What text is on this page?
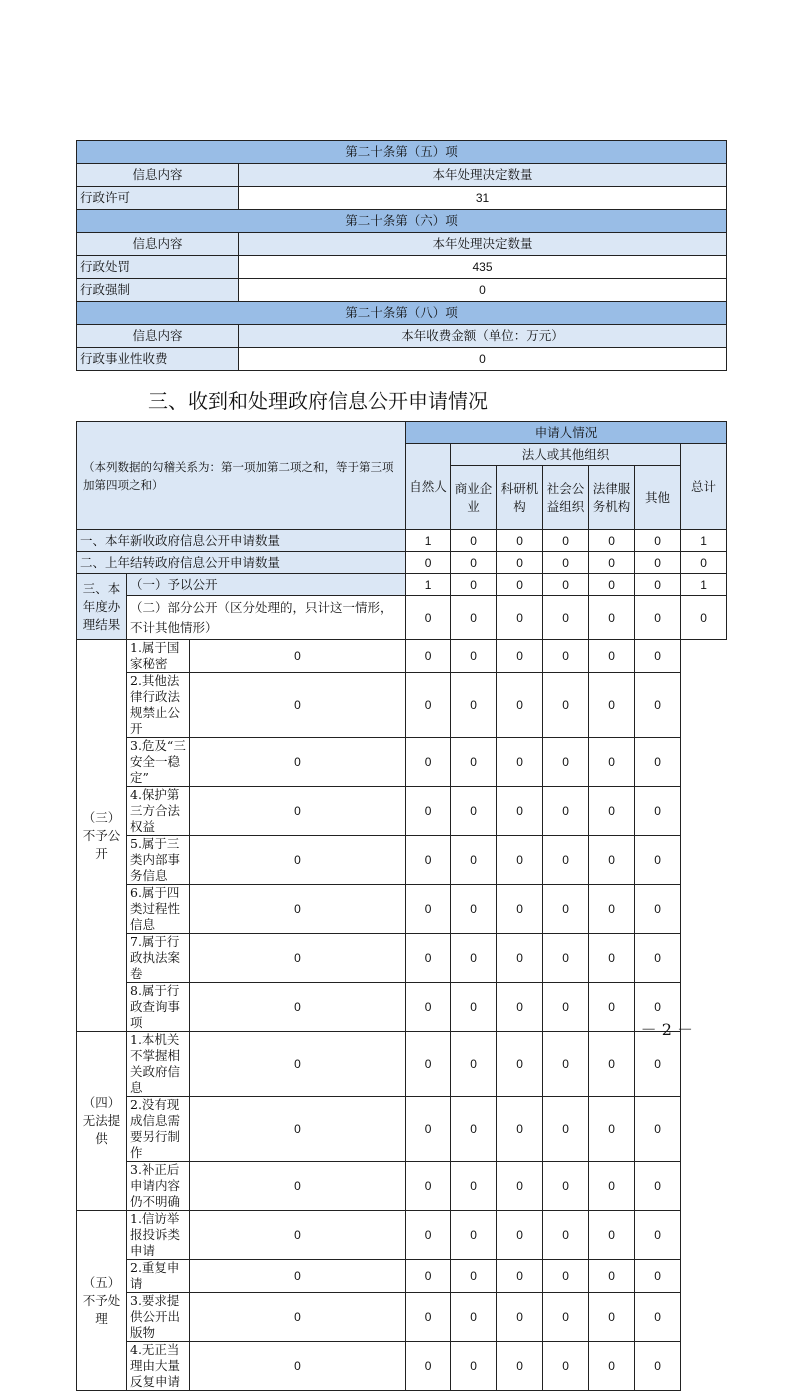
第二十条第（五）项	
信息内容	本年处理决定数量
行政许可	31
第二十条第（六）项	
信息内容	本年处理决定数量
行政处罚	435
行政强制	0
第二十条第（八）项	
信息内容	本年收费金额（单位：万元）
行政事业性收费	0
三、收到和处理政府信息公开申请情况
（本列数据的勾稽关系为：第一项加第二项之和，等于第三项加第四项之和）			申请人情况						
			自然人	法人或其他组织					总计
				商业企业	科研机构	社会公益组织	法律服务机构	其他	
一、本年新收政府信息公开申请数量			1	0	0	0	0	0	1
二、上年结转政府信息公开申请数量			0	0	0	0	0	0	0
三、本年度办理结果	（一）予以公开		1	0	0	0	0	0	1
	（二）部分公开（区分处理的，只计这一情形，不计其他情形）		0	0	0	0	0	0	0
（三）不予公开	1.属于国家秘密	0	0	0	0	0	0	0	
	2.其他法律行政法规禁止公开	0	0	0	0	0	0	0	
	3.危及“三安全一稳定”	0	0	0	0	0	0	0	
	4.保护第三方合法权益	0	0	0	0	0	0	0	
	5.属于三类内部事务信息	0	0	0	0	0	0	0	
	6.属于四类过程性信息	0	0	0	0	0	0	0	
	7.属于行政执法案卷	0	0	0	0	0	0	0	
	8.属于行政查询事项	0	0	0	0	0	0	0	
（四）无法提供	1.本机关不掌握相关政府信息	0	0	0	0	0	0	0	
	2.没有现成信息需要另行制作	0	0	0	0	0	0	0	
	3.补正后申请内容仍不明确	0	0	0	0	0	0	0	
（五）不予处理	1.信访举报投诉类申请	0	0	0	0	0	0	0	
	2.重复申请	0	0	0	0	0	0	0	
	3.要求提供公开出版物	0	0	0	0	0	0	0	
	4.无正当理由大量反复申请	0	0	0	0	0	0	0	
－ 2 －
